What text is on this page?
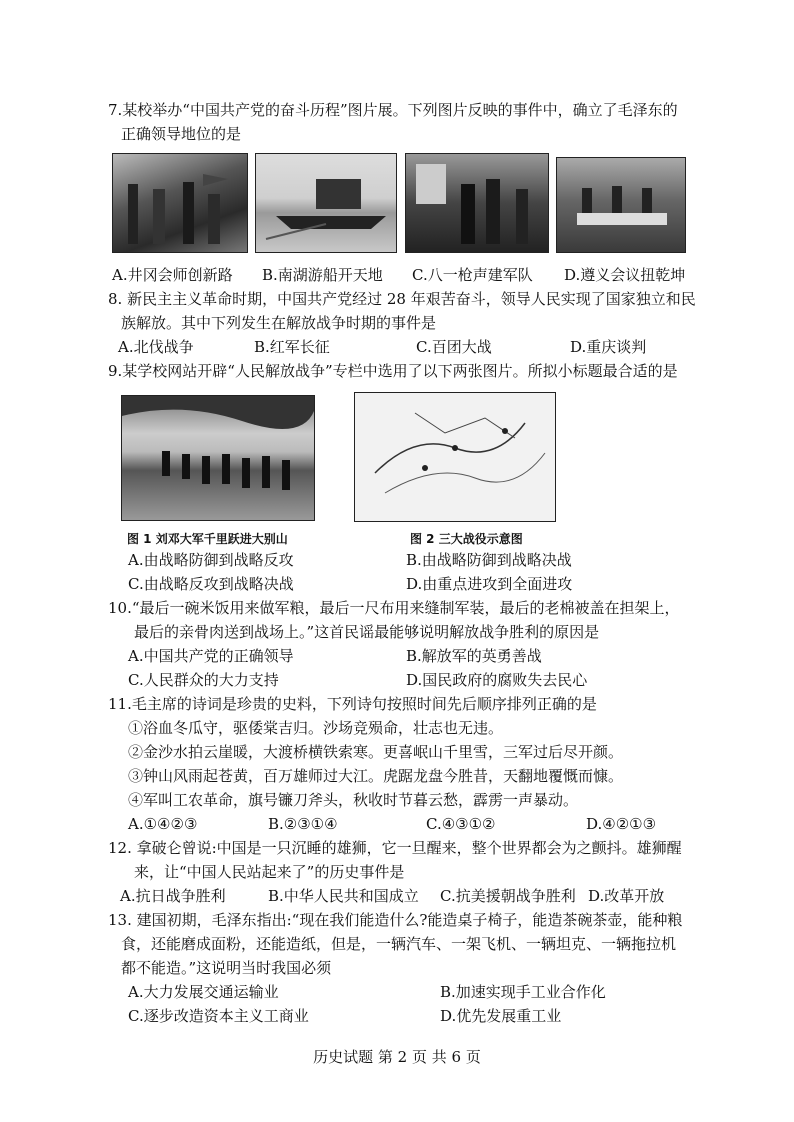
7.某校举办“中国共产党的奋斗历程”图片展。下列图片反映的事件中，确立了毛泽东的
正确领导地位的是
A.井冈会师创新路 B.南湖游船开天地 C.八一枪声建军队 D.遵义会议扭乾坤
8. 新民主主义革命时期，中国共产党经过 28 年艰苦奋斗，领导人民实现了国家独立和民
族解放。其中下列发生在解放战争时期的事件是
A.北伐战争	B.红军长征	C.百团大战	D.重庆谈判
9.某学校网站开辟“人民解放战争”专栏中选用了以下两张图片。所拟小标题最合适的是
图 1 刘邓大军千里跃进大别山	图 2 三大战役示意图
A.由战略防御到战略反攻	B.由战略防御到战略决战
C.由战略反攻到战略决战	D.由重点进攻到全面进攻
10.“最后一碗米饭用来做军粮，最后一尺布用来缝制军装，最后的老棉被盖在担架上，
最后的亲骨肉送到战场上。”这首民谣最能够说明解放战争胜利的原因是
A.中国共产党的正确领导	B.解放军的英勇善战
C.人民群众的大力支持	D.国民政府的腐败失去民心
11.毛主席的诗词是珍贵的史料，下列诗句按照时间先后顺序排列正确的是
①浴血冬瓜守，驱倭棠吉归。沙场竞殒命，壮志也无违。
②金沙水拍云崖暖，大渡桥横铁索寒。更喜岷山千里雪，三军过后尽开颜。
③钟山风雨起苍黄，百万雄师过大江。虎踞龙盘今胜昔，天翻地覆慨而慷。
④军叫工农革命，旗号镰刀斧头，秋收时节暮云愁，霹雳一声暴动。
A.①④②③	B.②③①④	C.④③①②	D.④②①③
12. 拿破仑曾说:中国是一只沉睡的雄狮，它一旦醒来，整个世界都会为之颤抖。雄狮醒
来，让“中国人民站起来了”的历史事件是
A.抗日战争胜利	B.中华人民共和国成立 C.抗美援朝战争胜利 D.改革开放
13. 建国初期，毛泽东指出:“现在我们能造什么?能造桌子椅子，能造茶碗茶壶，能种粮
食，还能磨成面粉，还能造纸，但是，一辆汽车、一架飞机、一辆坦克、一辆拖拉机
都不能造。”这说明当时我国必须
A.大力发展交通运输业	B.加速实现手工业合作化
C.逐步改造资本主义工商业	D.优先发展重工业
历史试题 第 2 页 共 6 页
